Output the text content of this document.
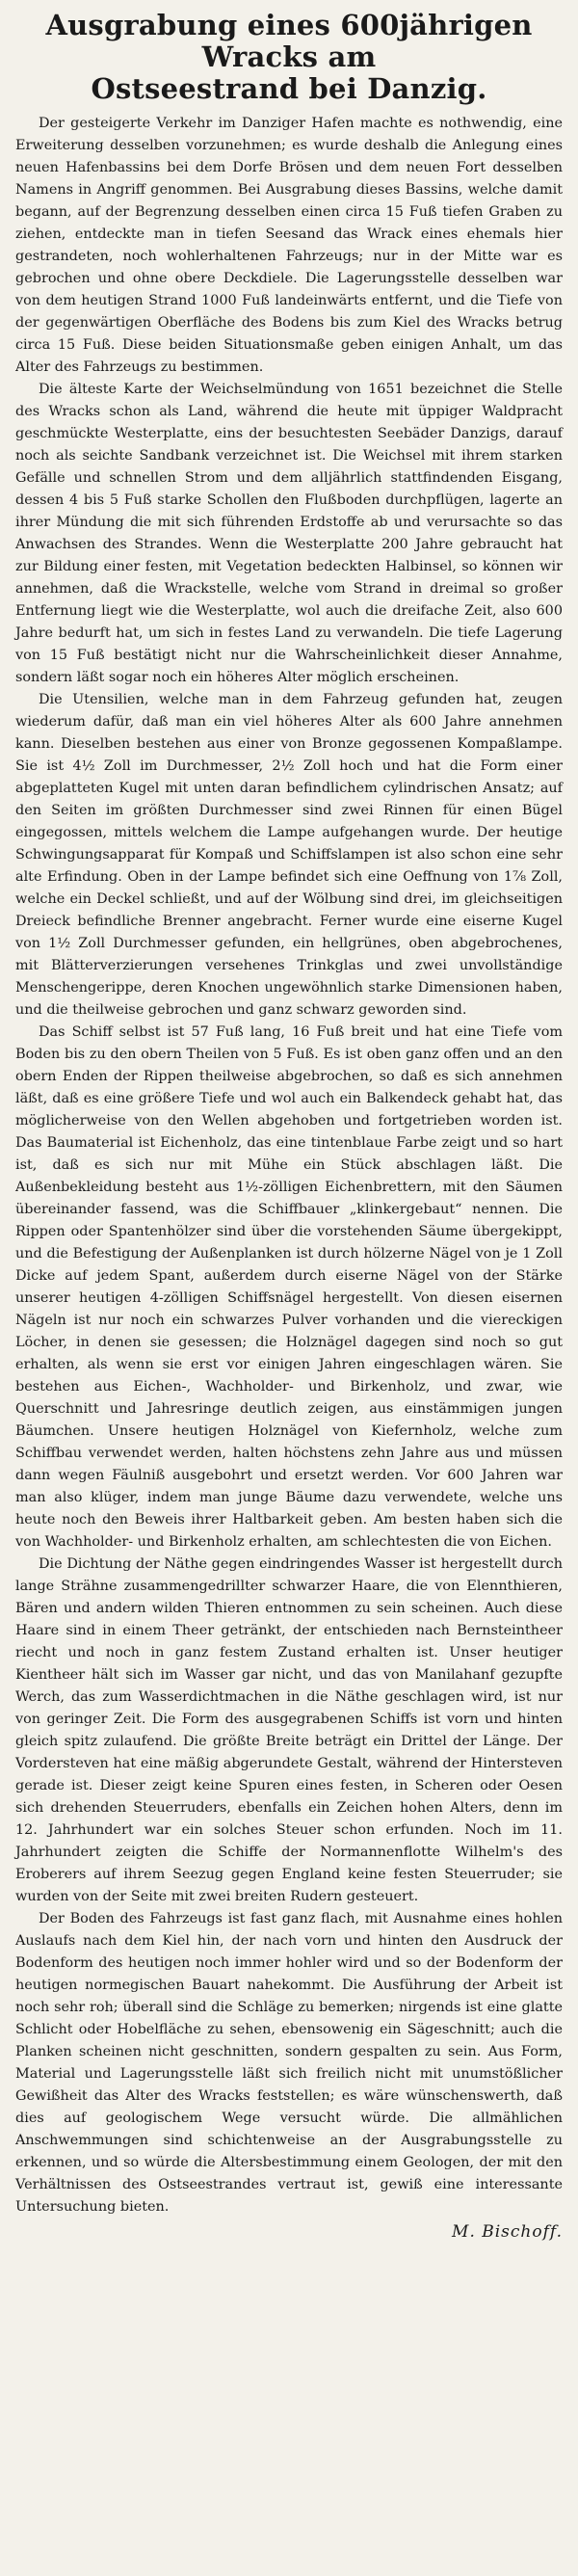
Ausgrabung eines 600jährigen Wracks am
Ostseestrand bei Danzig.

Der gesteigerte Verkehr im Danziger Hafen machte es nothwendig, eine Erweiterung desselben vorzunehmen; es wurde deshalb die Anlegung eines neuen Hafenbassins bei dem Dorfe Brösen und dem neuen Fort desselben Namens in Angriff genommen. Bei Ausgrabung dieses Bassins, welche damit begann, auf der Begrenzung desselben einen circa 15 Fuß tiefen Graben zu ziehen, entdeckte man in tiefen Seesand das Wrack eines ehemals hier gestrandeten, noch wohlerhaltenen Fahrzeugs; nur in der Mitte war es gebrochen und ohne obere Deckdiele. Die Lagerungsstelle desselben war von dem heutigen Strand 1000 Fuß landeinwärts entfernt, und die Tiefe von der gegenwärtigen Oberfläche des Bodens bis zum Kiel des Wracks betrug circa 15 Fuß. Diese beiden Situationsmaße geben einigen Anhalt, um das Alter des Fahrzeugs zu bestimmen.

Die älteste Karte der Weichselmündung von 1651 bezeichnet die Stelle des Wracks schon als Land, während die heute mit üppiger Waldpracht geschmückte Westerplatte, eins der besuchtesten Seebäder Danzigs, darauf noch als seichte Sandbank verzeichnet ist. Die Weichsel mit ihrem starken Gefälle und schnellen Strom und dem alljährlich stattfindenden Eisgang, dessen 4 bis 5 Fuß starke Schollen den Flußboden durchpflügen, lagerte an ihrer Mündung die mit sich führenden Erdstoffe ab und verursachte so das Anwachsen des Strandes. Wenn die Westerplatte 200 Jahre gebraucht hat zur Bildung einer festen, mit Vegetation bedeckten Halbinsel, so können wir annehmen, daß die Wrackstelle, welche vom Strand in dreimal so großer Entfernung liegt wie die Westerplatte, wol auch die dreifache Zeit, also 600 Jahre bedurft hat, um sich in festes Land zu verwandeln. Die tiefe Lagerung von 15 Fuß bestätigt nicht nur die Wahrscheinlichkeit dieser Annahme, sondern läßt sogar noch ein höheres Alter möglich erscheinen.

Die Utensilien, welche man in dem Fahrzeug gefunden hat, zeugen wiederum dafür, daß man ein viel höheres Alter als 600 Jahre annehmen kann. Dieselben bestehen aus einer von Bronze gegossenen Kompaßlampe. Sie ist 4½ Zoll im Durchmesser, 2½ Zoll hoch und hat die Form einer abgeplatteten Kugel mit unten daran befindlichem cylindrischen Ansatz; auf den Seiten im größten Durchmesser sind zwei Rinnen für einen Bügel eingegossen, mittels welchem die Lampe aufgehangen wurde. Der heutige Schwingungsapparat für Kompaß und Schiffslampen ist also schon eine sehr alte Erfindung. Oben in der Lampe befindet sich eine Oeffnung von 1⅞ Zoll, welche ein Deckel schließt, und auf der Wölbung sind drei, im gleichseitigen Dreieck befindliche Brenner angebracht. Ferner wurde eine eiserne Kugel von 1½ Zoll Durchmesser gefunden, ein hellgrünes, oben abgebrochenes, mit Blätterverzierungen versehenes Trinkglas und zwei unvollständige Menschengerippe, deren Knochen ungewöhnlich starke Dimensionen haben, und die theilweise gebrochen und ganz schwarz geworden sind.

Das Schiff selbst ist 57 Fuß lang, 16 Fuß breit und hat eine Tiefe vom Boden bis zu den obern Theilen von 5 Fuß. Es ist oben ganz offen und an den obern Enden der Rippen theilweise abgebrochen, so daß es sich annehmen läßt, daß es eine größere Tiefe und wol auch ein Balkendeck gehabt hat, das möglicherweise von den Wellen abgehoben und fortgetrieben worden ist. Das Baumaterial ist Eichenholz, das eine tintenblaue Farbe zeigt und so hart ist, daß es sich nur mit Mühe ein Stück abschlagen läßt. Die Außenbekleidung besteht aus 1½-zölligen Eichenbrettern, mit den Säumen übereinander fassend, was die Schiffbauer „klinkergebaut“ nennen. Die Rippen oder Spantenhölzer sind über die vorstehenden Säume übergekippt, und die Befestigung der Außenplanken ist durch hölzerne Nägel von je 1 Zoll Dicke auf jedem Spant, außerdem durch eiserne Nägel von der Stärke unserer heutigen 4-zölligen Schiffsnägel hergestellt. Von diesen eisernen Nägeln ist nur noch ein schwarzes Pulver vorhanden und die viereckigen Löcher, in denen sie gesessen; die Holznägel dagegen sind noch so gut erhalten, als wenn sie erst vor einigen Jahren eingeschlagen wären. Sie bestehen aus Eichen-, Wachholder- und Birkenholz, und zwar, wie Querschnitt und Jahresringe deutlich zeigen, aus einstämmigen jungen Bäumchen. Unsere heutigen Holznägel von Kiefernholz, welche zum Schiffbau verwendet werden, halten höchstens zehn Jahre aus und müssen dann wegen Fäulniß ausgebohrt und ersetzt werden. Vor 600 Jahren war man also klüger, indem man junge Bäume dazu verwendete, welche uns heute noch den Beweis ihrer Haltbarkeit geben. Am besten haben sich die von Wachholder- und Birkenholz erhalten, am schlechtesten die von Eichen.

Die Dichtung der Näthe gegen eindringendes Wasser ist hergestellt durch lange Strähne zusammengedrillter schwarzer Haare, die von Elennthieren, Bären und andern wilden Thieren entnommen zu sein scheinen. Auch diese Haare sind in einem Theer getränkt, der entschieden nach Bernsteintheer riecht und noch in ganz festem Zustand erhalten ist. Unser heutiger Kientheer hält sich im Wasser gar nicht, und das von Manilahanf gezupfte Werch, das zum Wasserdichtmachen in die Näthe geschlagen wird, ist nur von geringer Zeit. Die Form des ausgegrabenen Schiffs ist vorn und hinten gleich spitz zulaufend. Die größte Breite beträgt ein Drittel der Länge. Der Vordersteven hat eine mäßig abgerundete Gestalt, während der Hintersteven gerade ist. Dieser zeigt keine Spuren eines festen, in Scheren oder Oesen sich drehenden Steuerruders, ebenfalls ein Zeichen hohen Alters, denn im 12. Jahrhundert war ein solches Steuer schon erfunden. Noch im 11. Jahrhundert zeigten die Schiffe der Normannenflotte Wilhelm's des Eroberers auf ihrem Seezug gegen England keine festen Steuerruder; sie wurden von der Seite mit zwei breiten Rudern gesteuert.

Der Boden des Fahrzeugs ist fast ganz flach, mit Ausnahme eines hohlen Auslaufs nach dem Kiel hin, der nach vorn und hinten den Ausdruck der Bodenform des heutigen noch immer hohler wird und so der Bodenform der heutigen normegischen Bauart nahekommt. Die Ausführung der Arbeit ist noch sehr roh; überall sind die Schläge zu bemerken; nirgends ist eine glatte Schlicht oder Hobelfläche zu sehen, ebensowenig ein Sägeschnitt; auch die Planken scheinen nicht geschnitten, sondern gespalten zu sein. Aus Form, Material und Lagerungsstelle läßt sich freilich nicht mit unumstößlicher Gewißheit das Alter des Wracks feststellen; es wäre wünschenswerth, daß dies auf geologischem Wege versucht würde. Die allmählichen Anschwemmungen sind schichtenweise an der Ausgrabungsstelle zu erkennen, und so würde die Altersbestimmung einem Geologen, der mit den Verhältnissen des Ostseestrandes vertraut ist, gewiß eine interessante Untersuchung bieten.

M. Bischoff.
